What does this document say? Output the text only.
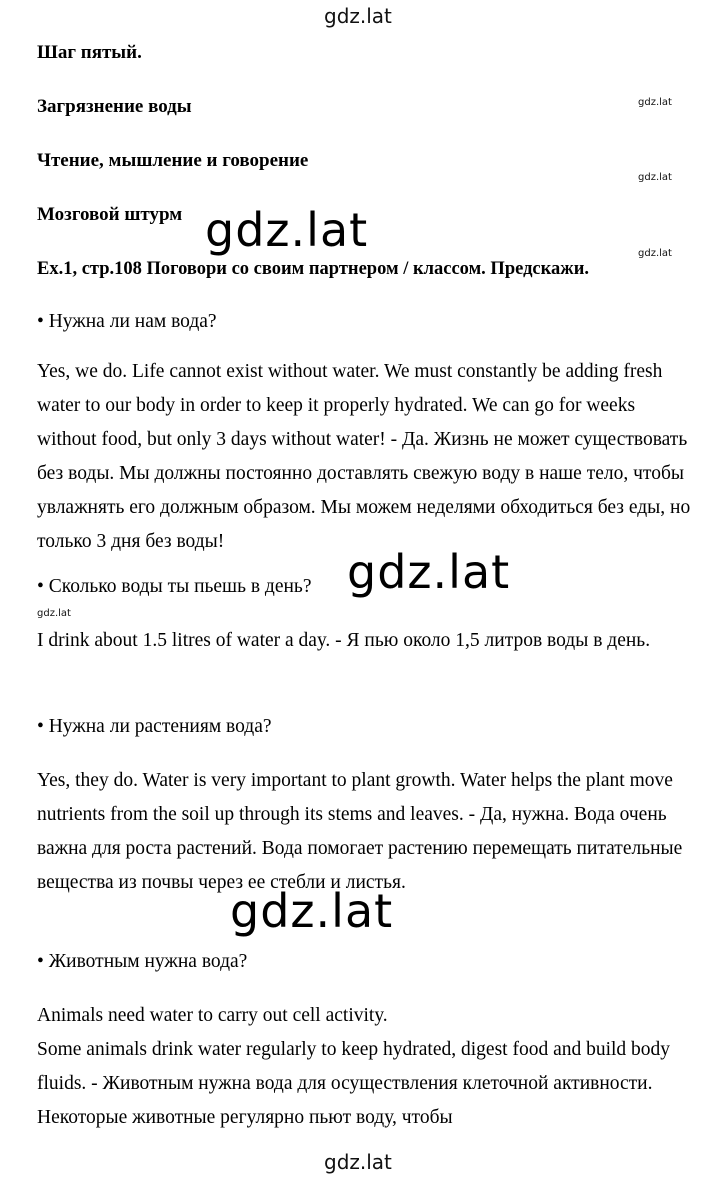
gdz.lat

Шаг пятый.

Загрязнение воды	gdz.lat

Чтение, мышление и говорение

gdz.lat

Мозговой штурм

gdz.lat

Ex.1, стр.108 Поговори со своим партнером / классом. Предскажи.

• Нужна ли нам вода?

Yes, we do. Life cannot exist without water. We must constantly be adding fresh water to our body in order to keep it properly hydrated. We can go for weeks without food, but only 3 days without water! - Да. Жизнь не может существовать без воды. Мы должны постоянно доставлять свежую воду в наше тело, чтобы увлажнять его должным образом. Мы можем неделями обходиться без еды, но только 3 дня без воды!

• Сколько воды ты пьешь в день?

gdz.lat

I drink about 1.5 litres of water a day. - Я пью около 1,5 литров воды в день.

• Нужна ли растениям вода?

Yes, they do. Water is very important to plant growth. Water helps the plant move nutrients from the soil up through its stems and leaves. - Да, нужна. Вода очень важна для роста растений. Вода помогает растению перемещать питательные вещества из почвы через ее стебли и листья.

• Животным нужна вода?

Animals need water to carry out cell activity.

Some animals drink water regularly to keep hydrated, digest food and build body fluids. - Животным нужна вода для осуществления клеточной активности. Некоторые животные регулярно пьют воду, чтобы

gdz.lat
gdz.lat
gdz.lat
gdz.lat
